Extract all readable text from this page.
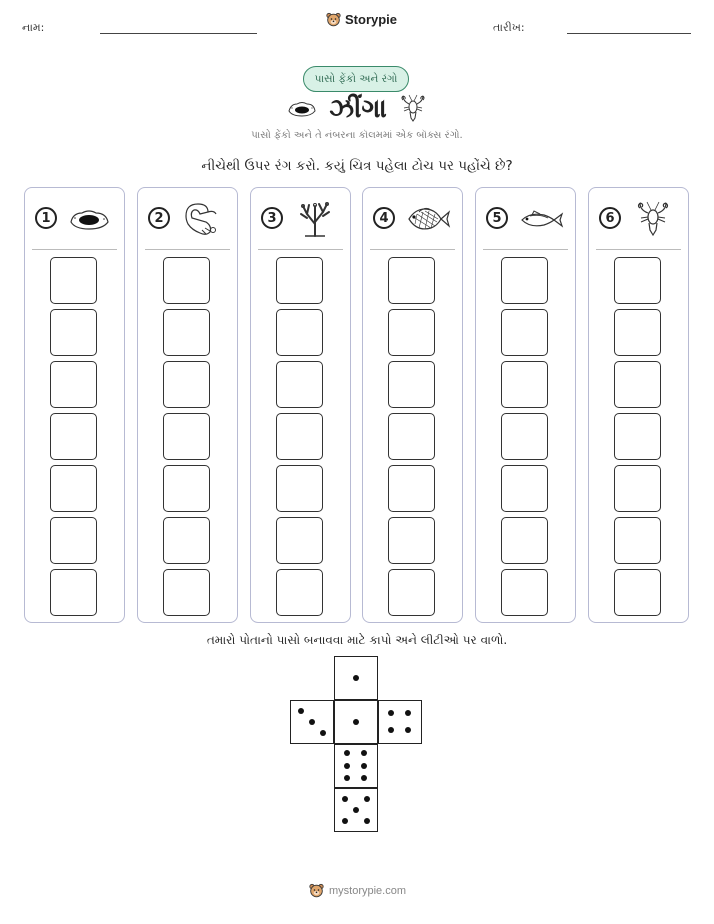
નામ:
Storypie
તારીખ:
પાસો ફેંકો અને રંગો
ઝીંગા
પાસો ફેંકો અને તે નંબરના કૉલમમાં એક બૉક્સ રંગો.
નીચેથી ઉપર રંગ કરો. કયું ચિત્ર પહેલા ટોચ પર પહોંચે છે?
1	2	3	4	5	6
તમારો પોતાનો પાસો બનાવવા માટે કાપો અને લીટીઓ પર વાળો.
mystorypie.com
